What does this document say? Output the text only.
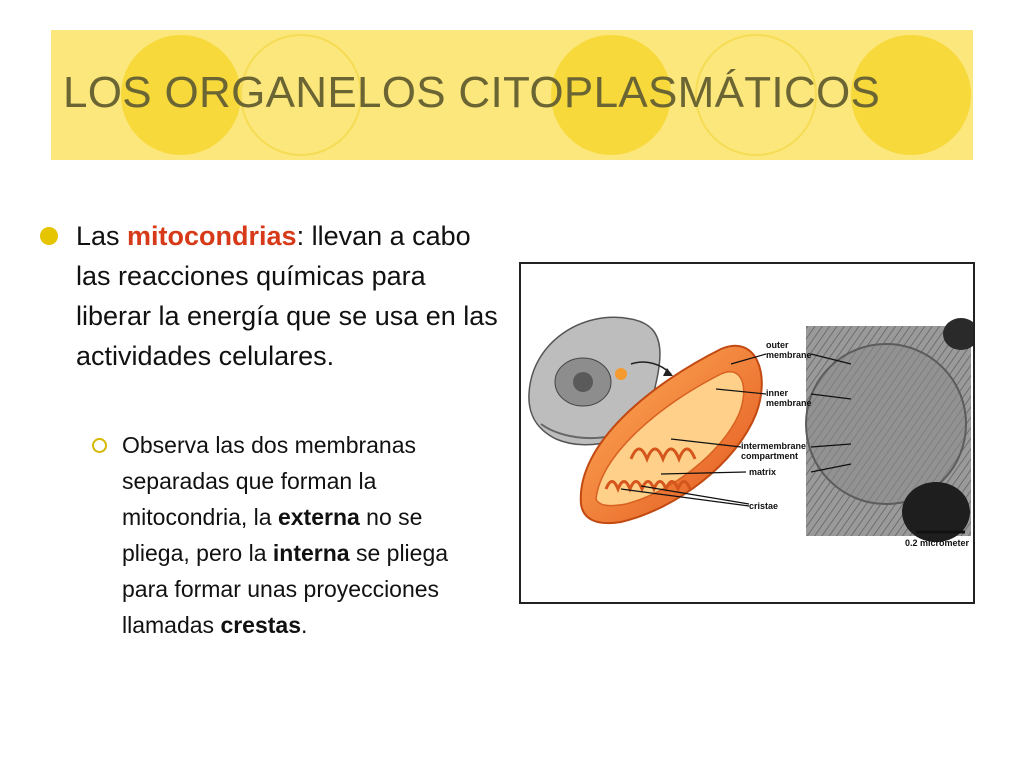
LOS ORGANELOS CITOPLASMÁTICOS
Las mitocondrias: llevan a cabo las reacciones químicas para liberar la energía que se usa en las actividades celulares.
Observa las dos membranas separadas que forman la mitocondria, la externa no se pliega, pero la interna se pliega para formar unas proyecciones llamadas crestas.
outer
membrane
inner
membrane
intermembrane
compartment
matrix
cristae
0.2 micrometer
